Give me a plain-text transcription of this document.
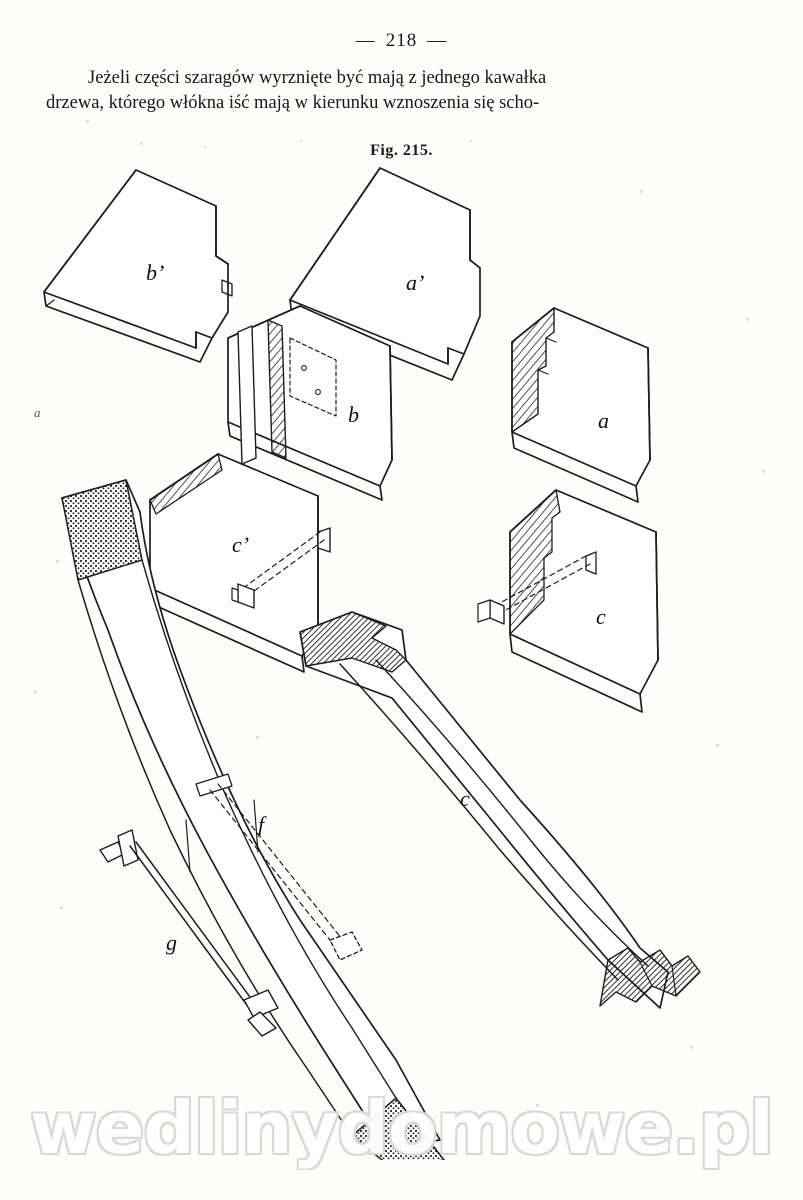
— 218 —
Jeżeli części szaragów wyrznięte być mają z jednego kawałka
drzewa, którego włókna iść mają w kierunku wznoszenia się scho-
Fig. 215.
a
b’	a’
b	a
c’
c
c
f
g
wedlinydomowe.pl
